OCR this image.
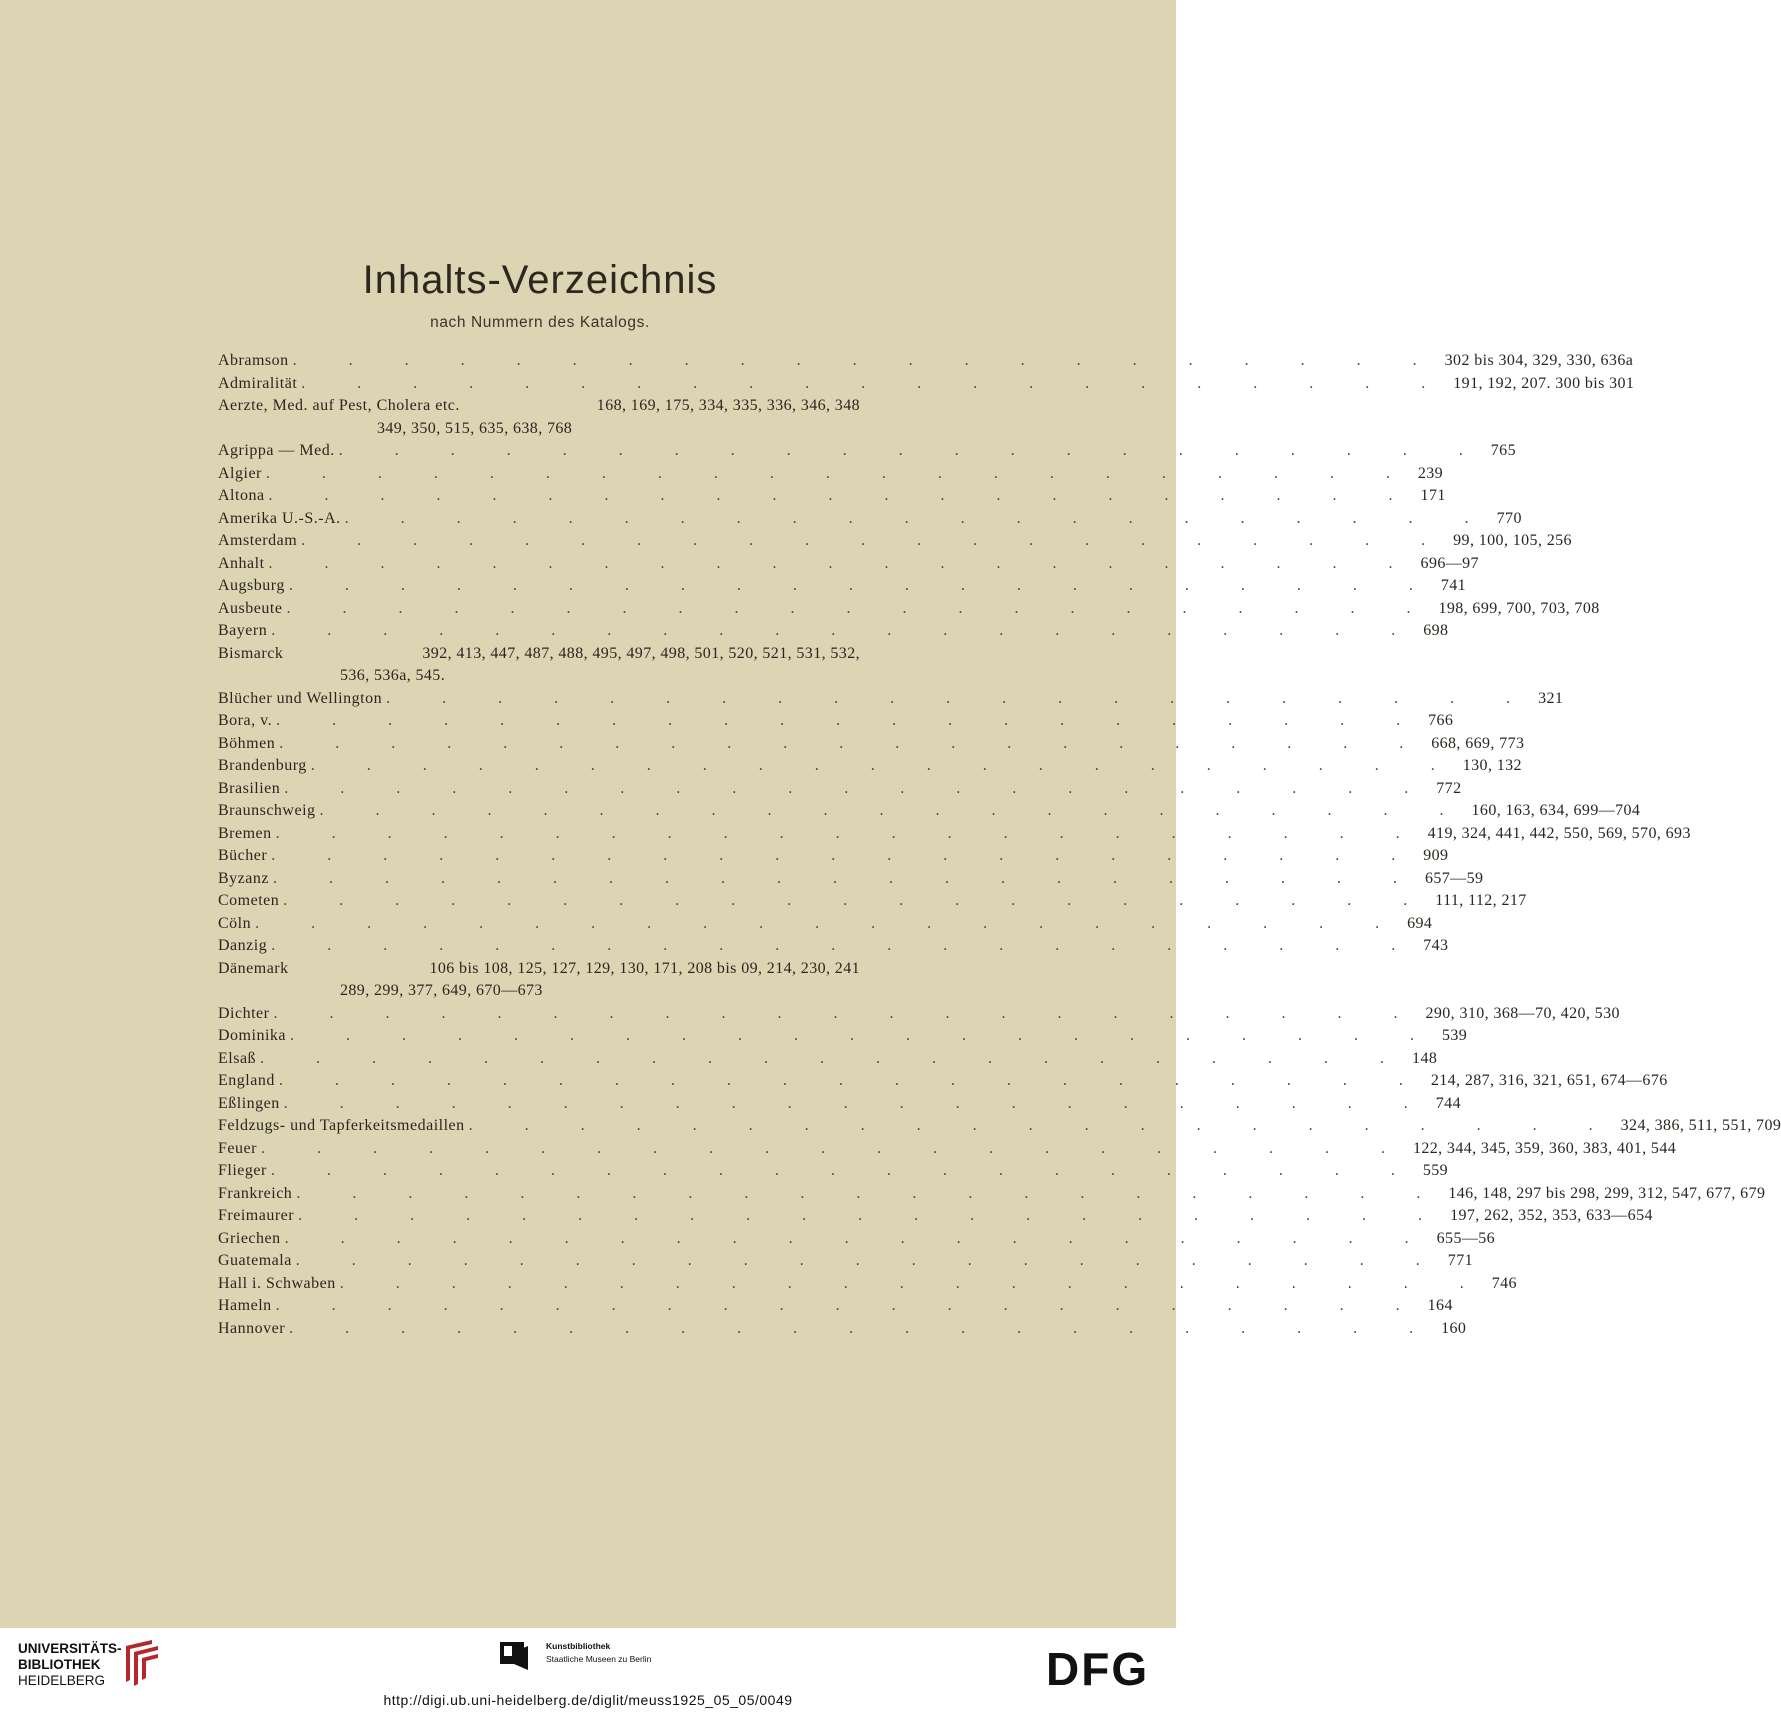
Inhalts-Verzeichnis
nach Nummern des Katalogs.
Abramson . . . . . . . . . . . . . . . . . . . . . 302 bis 304, 329, 330, 636a
Admiralität . . . . . . . . . . . . . . . . . . . . . 191, 192, 207. 300 bis 301
Aerzte, Med. auf Pest, Cholera etc.	168, 169, 175, 334, 335, 336, 346, 348
349, 350, 515, 635, 638, 768
Agrippa — Med. . . . . . . . . . . . . . . . . . . . . . 765
Algier . . . . . . . . . . . . . . . . . . . . . 239
Altona . . . . . . . . . . . . . . . . . . . . . 171
Amerika U.-S.-A. . . . . . . . . . . . . . . . . . . . . . 770
Amsterdam . . . . . . . . . . . . . . . . . . . . . 99, 100, 105, 256
Anhalt . . . . . . . . . . . . . . . . . . . . . 696—97
Augsburg . . . . . . . . . . . . . . . . . . . . . 741
Ausbeute . . . . . . . . . . . . . . . . . . . . . 198, 699, 700, 703, 708
Bayern . . . . . . . . . . . . . . . . . . . . . 698
Bismarck	392, 413, 447, 487, 488, 495, 497, 498, 501, 520, 521, 531, 532,
536, 536a, 545.
Blücher und Wellington . . . . . . . . . . . . . . . . . . . . . 321
Bora, v. . . . . . . . . . . . . . . . . . . . . . 766
Böhmen . . . . . . . . . . . . . . . . . . . . . 668, 669, 773
Brandenburg . . . . . . . . . . . . . . . . . . . . . 130, 132
Brasilien . . . . . . . . . . . . . . . . . . . . . 772
Braunschweig . . . . . . . . . . . . . . . . . . . . . 160, 163, 634, 699—704
Bremen . . . . . . . . . . . . . . . . . . . . . 419, 324, 441, 442, 550, 569, 570, 693
Bücher . . . . . . . . . . . . . . . . . . . . . 909
Byzanz . . . . . . . . . . . . . . . . . . . . . 657—59
Cometen . . . . . . . . . . . . . . . . . . . . . 111, 112, 217
Cöln . . . . . . . . . . . . . . . . . . . . . 694
Danzig . . . . . . . . . . . . . . . . . . . . . 743
Dänemark	106 bis 108, 125, 127, 129, 130, 171, 208 bis 09, 214, 230, 241
289, 299, 377, 649, 670—673
Dichter . . . . . . . . . . . . . . . . . . . . . 290, 310, 368—70, 420, 530
Dominika . . . . . . . . . . . . . . . . . . . . . 539
Elsaß . . . . . . . . . . . . . . . . . . . . . 148
England . . . . . . . . . . . . . . . . . . . . . 214, 287, 316, 321, 651, 674—676
Eßlingen . . . . . . . . . . . . . . . . . . . . . 744
Feldzugs- und Tapferkeitsmedaillen . . . . . . . . . . . . . . . . . . . . . 324, 386, 511, 551, 709
Feuer . . . . . . . . . . . . . . . . . . . . . 122, 344, 345, 359, 360, 383, 401, 544
Flieger . . . . . . . . . . . . . . . . . . . . . 559
Frankreich . . . . . . . . . . . . . . . . . . . . . 146, 148, 297 bis 298, 299, 312, 547, 677, 679
Freimaurer . . . . . . . . . . . . . . . . . . . . . 197, 262, 352, 353, 633—654
Griechen . . . . . . . . . . . . . . . . . . . . . 655—56
Guatemala . . . . . . . . . . . . . . . . . . . . . 771
Hall i. Schwaben . . . . . . . . . . . . . . . . . . . . . 746
Hameln . . . . . . . . . . . . . . . . . . . . . 164
Hannover . . . . . . . . . . . . . . . . . . . . . 160
UNIVERSITÄTS-
BIBLIOTHEK
HEIDELBERG
Kunstbibliothek
Staatliche Museen zu Berlin	DFG
http://digi.ub.uni-heidelberg.de/diglit/meuss1925_05_05/0049
